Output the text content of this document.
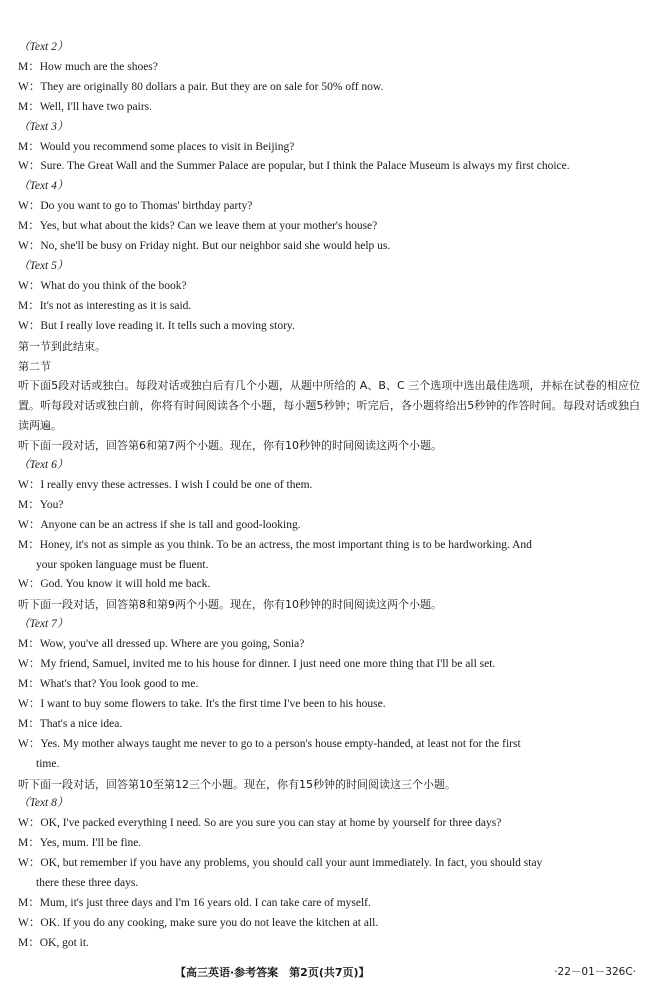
（Text 2）
M：How much are the shoes?
W：They are originally 80 dollars a pair. But they are on sale for 50% off now.
M：Well, I'll have two pairs.
（Text 3）
M：Would you recommend some places to visit in Beijing?
W：Sure. The Great Wall and the Summer Palace are popular, but I think the Palace Museum is always my first choice.
（Text 4）
W：Do you want to go to Thomas' birthday party?
M：Yes, but what about the kids? Can we leave them at your mother's house?
W：No, she'll be busy on Friday night. But our neighbor said she would help us.
（Text 5）
W：What do you think of the book?
M：It's not as interesting as it is said.
W：But I really love reading it. It tells such a moving story.
第一节到此结束。
第二节
听下面5段对话或独白。每段对话或独白后有几个小题，从题中所给的 A、B、C 三个选项中选出最佳选项，并标在试卷的相应位置。听每段对话或独白前，你将有时间阅读各个小题，每小题5秒钟；听完后，各小题将给出5秒钟的作答时间。每段对话或独白读两遍。
听下面一段对话，回答第6和第7两个小题。现在，你有10秒钟的时间阅读这两个小题。
（Text 6）
W：I really envy these actresses. I wish I could be one of them.
M：You?
W：Anyone can be an actress if she is tall and good-looking.
M：Honey, it's not as simple as you think. To be an actress, the most important thing is to be hardworking. And
your spoken language must be fluent.
W：God. You know it will hold me back.
听下面一段对话，回答第8和第9两个小题。现在，你有10秒钟的时间阅读这两个小题。
（Text 7）
M：Wow, you've all dressed up. Where are you going, Sonia?
W：My friend, Samuel, invited me to his house for dinner. I just need one more thing that I'll be all set.
M：What's that? You look good to me.
W：I want to buy some flowers to take. It's the first time I've been to his house.
M：That's a nice idea.
W：Yes. My mother always taught me never to go to a person's house empty-handed, at least not for the first
time.
听下面一段对话，回答第10至第12三个小题。现在，你有15秒钟的时间阅读这三个小题。
（Text 8）
W：OK, I've packed everything I need. So are you sure you can stay at home by yourself for three days?
M：Yes, mum. I'll be fine.
W：OK, but remember if you have any problems, you should call your aunt immediately. In fact, you should stay
there these three days.
M：Mum, it's just three days and I'm 16 years old. I can take care of myself.
W：OK. If you do any cooking, make sure you do not leave the kitchen at all.
M：OK, got it.
【高三英语·参考答案　第2页(共7页)】	·22－01－326C·
